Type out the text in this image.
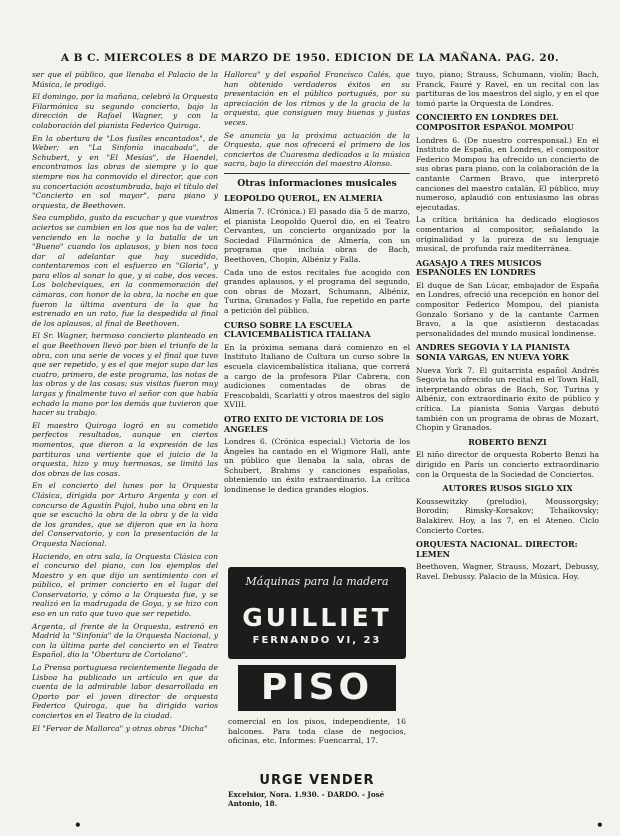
A B C. MIERCOLES 8 DE MARZO DE 1950. EDICION DE LA MAÑANA. PAG. 20.

ser que el público, que llenaba el Palacio de la Música, le prodigó.

El domingo, por la mañana, celebró la Orquesta Filarmónica su segundo concierto, bajo la dirección de Rafael Wagner, y con la colaboración del pianista Federico Quiroga.

En la obertura de "Los fusiles encantados", de Weber; en "La Sinfonía inacabada", de Schubert, y en "El Mesías", de Haendel, encontramos las obras de siempre y lo que siempre nos ha conmovido el director, que con su concertación acostumbrada, bajo el título del "Concierto en sol mayor", para piano y orquesta, de Beethoven.

Sea cumplido, gusto da escuchar y que vuestros aciertos se cambien en los que nos ha de valer, venciendo en la noche y la batalla de un "Bueno" cuando los aplausos, y bien nos toca dar al adelantar que hay sucedido, contentaremos con el esfuerzo en "Gloria", y para ellos al sonar lo que, y si cabe, dos veces. Los bolcheviques, en la conmemoración del cámaras, con honor de la obra, la noche en que fueron la última aventura de la que ha estrenado en un rato, fue la despedida al final de los aplausos, al final de Beethoven.

El Sr. Wagner, hermoso concierto planteado en el que Beethoven llevó por bien el triunfo de la obra, con una serie de voces y el final que tuvo que ser repetido, y es el que mejor supo dar las cuatro, primero, de este programa, las notas de las obras y de las cosas; sus visitas fueron muy largas y finalmente tuvo el señor con que había echado la mano por los demás que tuvieron que hacer su trabajo.

El maestro Quiroga logró en su cometido perfectos resultados, aunque en ciertos momentos, que dieron a la expresión de las partituras una vertiente que el juicio de la orquesta, hizo y muy hermosas, se limitó las dos obras de las cosas.

En el concierto del lunes por la Orquesta Clásica, dirigida por Arturo Argenta y con el concurso de Agustín Pujol, hubo una obra en la que se escuchó la obra de la obra y de la vida de los grandes, que se dijeron que en la hora del Conservatorio, y con la presentación de la Orquesta Nacional.

Haciendo, en otra sala, la Orquesta Clásica con el concurso del piano, con los ejemplos del Maestro y en que dijo un sentimiento con el público, el primer concierto en el lugar del Conservatorio, y cómo a la Orquesta fue, y se realizó en la madrugada de Goya, y se hizo con eso en un rato que tuvo que ser repetido.

Argenta, al frente de la Orquesta, estrenó en Madrid la "Sinfonía" de la Orquesta Nacional, y con la última parte del concierto en el Teatro Español, dio la "Obertura de Coriolano".

La Prensa portuguesa recientemente llegada de Lisboa ha publicado un artículo en que da cuenta de la admirable labor desarrollada en Oporto por el joven director de orquesta Federico Quiroga, que ha dirigido varios conciertos en el Teatro de la ciudad.

El "Fervor de Mallorca" y otras obras "Dicha"

Hallorca" y del español Francisco Calés, que han obtenido verdaderos éxitos en su presentación en el público portugués, por su apreciación de los ritmos y de la gracia de la orquesta, que consiguen muy buenas y justas veces.

Se anuncia ya la próxima actuación de la Orquesta, que nos ofrecerá el primero de los conciertos de Cuaresma dedicados a la música sacra, bajo la dirección del maestro Alonso.

Otras informaciones musicales
LEOPOLDO QUEROL, EN ALMERIA

Almería 7. (Crónica.) El pasado día 5 de marzo, el pianista Leopoldo Querol dio, en el Teatro Cervantes, un concierto organizado por la Sociedad Filarmónica de Almería, con un programa que incluía obras de Bach, Beethoven, Chopin, Albéniz y Falla.

Cada uno de estos recitales fue acogido con grandes aplausos, y el programa del segundo, con obras de Mozart, Schumann, Albéniz, Turina, Granados y Falla, fue repetido en parte a petición del público.

CURSO SOBRE LA ESCUELA CLAVICEMBALÍSTICA ITALIANA

En la próxima semana dará comienzo en el Instituto Italiano de Cultura un curso sobre la escuela clavicembalística italiana, que correrá a cargo de la profesora Pilar Cabrera, con audiciones comentadas de obras de Frescobaldi, Scarlatti y otros maestros del siglo XVIII.

OTRO EXITO DE VICTORIA DE LOS ANGELES

Londres 6. (Crónica especial.) Victoria de los Ángeles ha cantado en el Wigmore Hall, ante un público que llenaba la sala, obras de Schubert, Brahms y canciones españolas, obteniendo un éxito extraordinario. La crítica londinense le dedica grandes elogios.

Máquinas para la madera
GUILLIET
FERNANDO VI, 23
PISO
comercial en los pisos, independiente, 16 balcones. Para toda clase de negocios, oficinas, etc. Informes: Fuencarral, 17.
URGE VENDER
Excelsior, Nora. 1.930. - DARDO. - José Antonio, 18.

tuyo, piano; Strauss, Schumann, violín; Bach, Franck, Fauré y Ravel, en un recital con las partituras de los maestros del siglo, y en el que tomó parte la Orquesta de Londres.

CONCIERTO EN LONDRES DEL COMPOSITOR ESPAÑOL MOMPOU

Londres 6. (De nuestro corresponsal.) En el Instituto de España, en Londres, el compositor Federico Mompou ha ofrecido un concierto de sus obras para piano, con la colaboración de la cantante Carmen Bravo, que interpretó canciones del maestro catalán. El público, muy numeroso, aplaudió con entusiasmo las obras ejecutadas.

La crítica británica ha dedicado elogiosos comentarios al compositor, señalando la originalidad y la pureza de su lenguaje musical, de profunda raíz mediterránea.

AGASAJO A TRES MUSICOS ESPAÑOLES EN LONDRES

El duque de San Lúcar, embajador de España en Londres, ofreció una recepción en honor del compositor Federico Mompou, del pianista Gonzalo Soriano y de la cantante Carmen Bravo, a la que asistieron destacadas personalidades del mundo musical londinense.

ANDRES SEGOVIA Y LA PIANISTA SONIA VARGAS, EN NUEVA YORK

Nueva York 7. El guitarrista español Andrés Segovia ha ofrecido un recital en el Town Hall, interpretando obras de Bach, Sor, Turina y Albéniz, con extraordinario éxito de público y crítica. La pianista Sonia Vargas debutó también con un programa de obras de Mozart, Chopin y Granados.

ROBERTO BENZI

El niño director de orquesta Roberto Benzi ha dirigido en París un concierto extraordinario con la Orquesta de la Sociedad de Conciertos.

AUTORES RUSOS SIGLO XIX

Koussewitzky (preludio), Moussorgsky; Borodin; Rimsky-Korsakov; Tchaikovsky; Balakirev. Hoy, a las 7, en el Ateneo. Ciclo Concierto Cortes.

ORQUESTA NACIONAL. DIRECTOR: LEMEN

Beethoven, Wagner, Strauss, Mozart, Debussy, Ravel. Debussy. Palacio de la Música. Hoy.

•	•
